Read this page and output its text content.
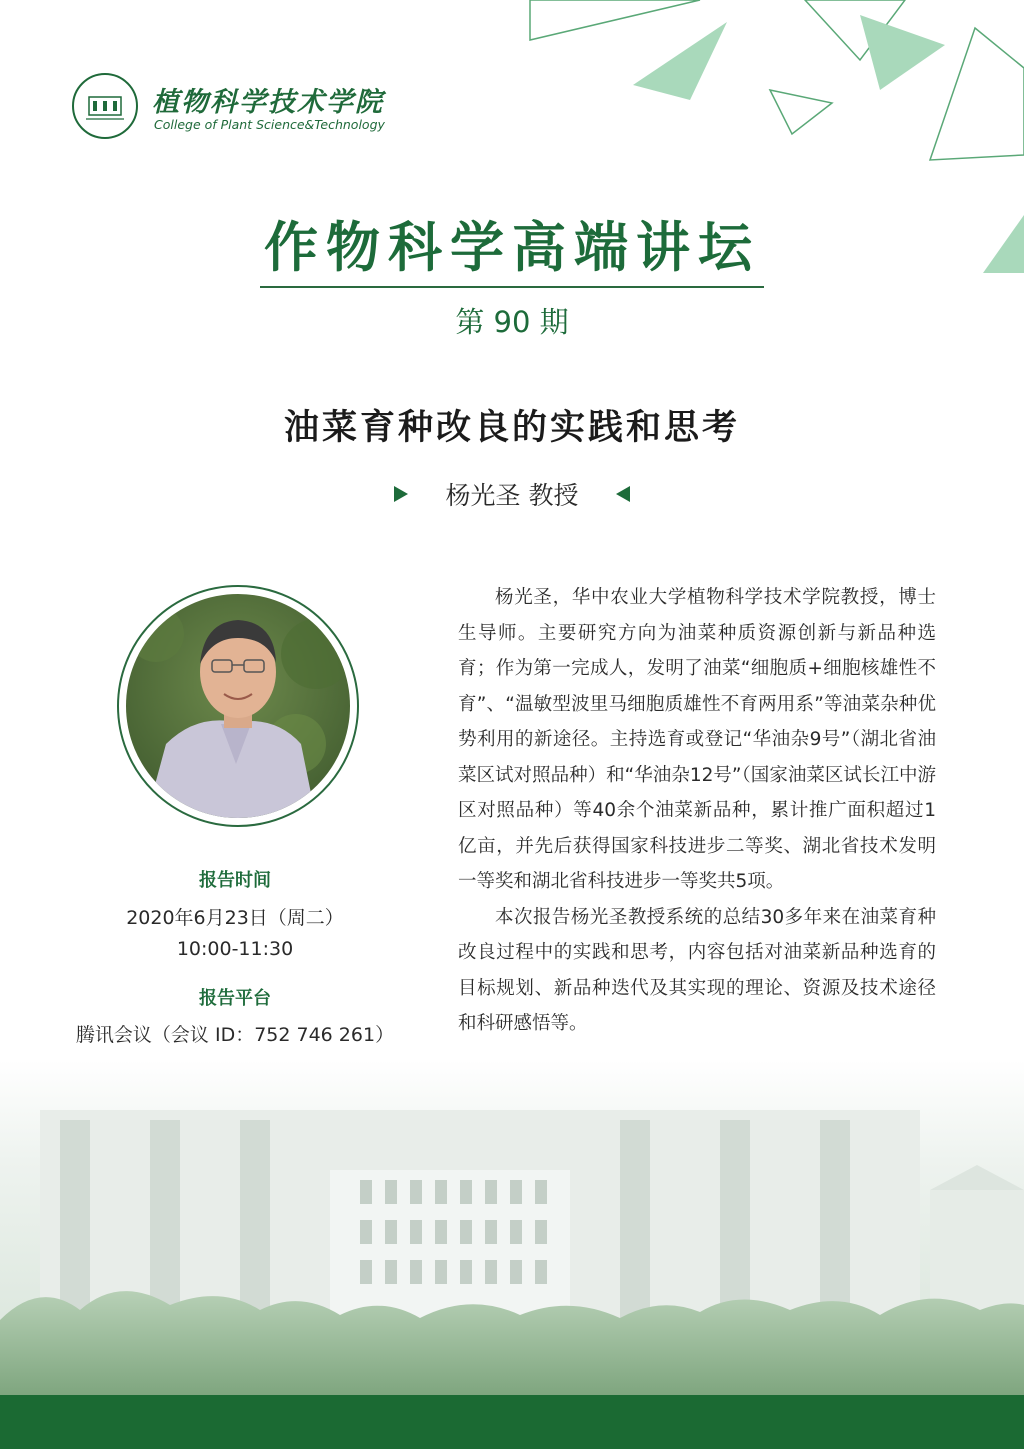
植物科学技术学院
College of Plant Science&Technology
作物科学高端讲坛
第 90 期
油菜育种改良的实践和思考
杨光圣 教授
报告时间
2020年6月23日（周二）
10:00-11:30
报告平台
腾讯会议（会议 ID：752 746 261）

杨光圣，华中农业大学植物科学技术学院教授，博士生导师。主要研究方向为油菜种质资源创新与新品种选育；作为第一完成人，发明了油菜“细胞质+细胞核雄性不育”、“温敏型波里马细胞质雄性不育两用系”等油菜杂种优势利用的新途径。主持选育或登记“华油杂9号”（湖北省油菜区试对照品种）和“华油杂12号”（国家油菜区试长江中游区对照品种）等40余个油菜新品种，累计推广面积超过1亿亩，并先后获得国家科技进步二等奖、湖北省技术发明一等奖和湖北省科技进步一等奖共5项。

本次报告杨光圣教授系统的总结30多年来在油菜育种改良过程中的实践和思考，内容包括对油菜新品种选育的目标规划、新品种迭代及其实现的理论、资源及技术途径和科研感悟等。
